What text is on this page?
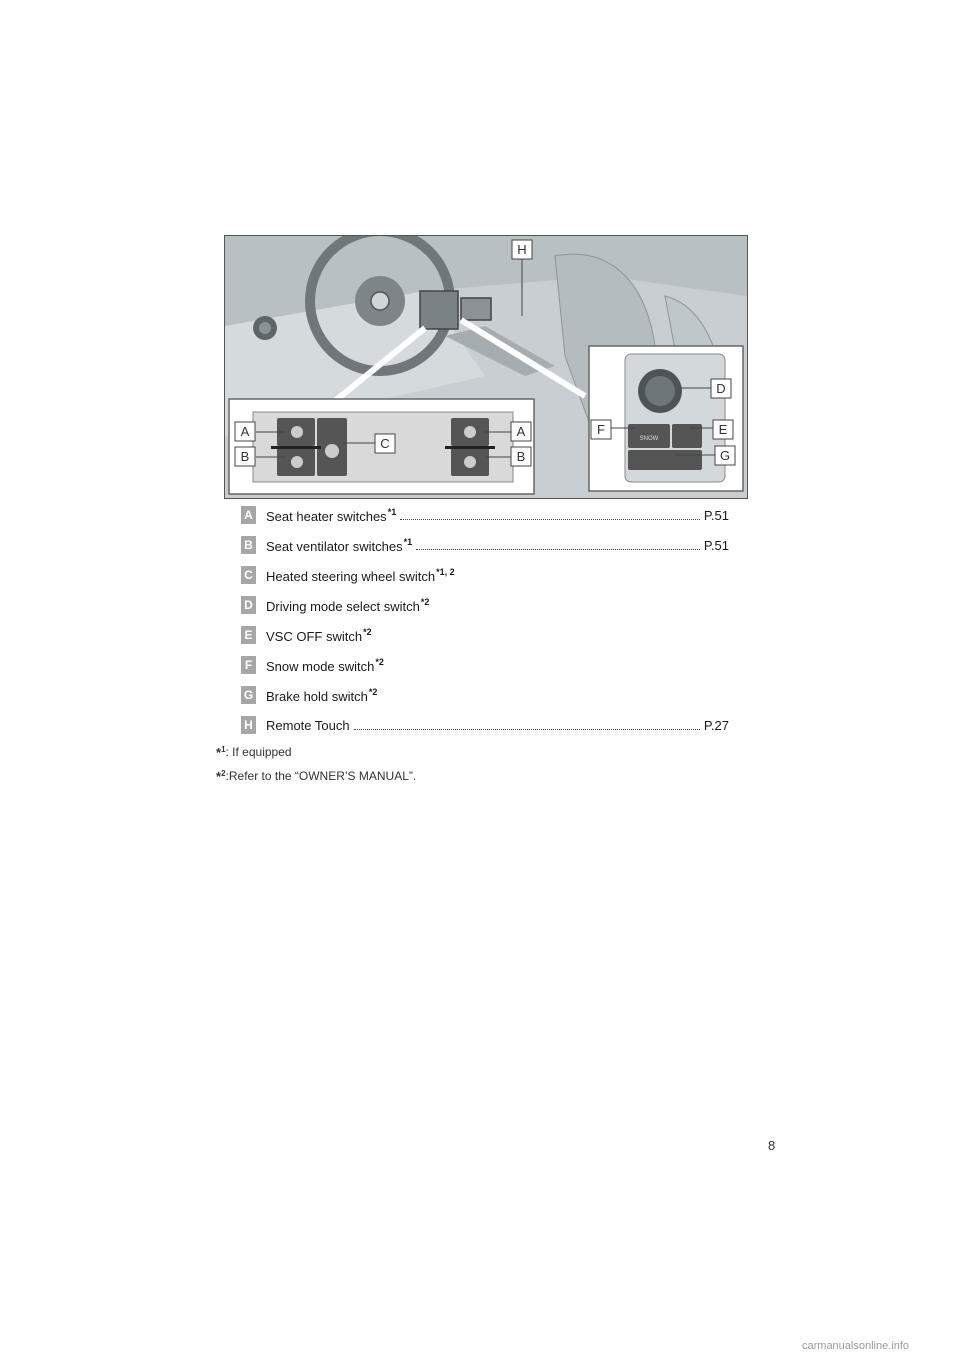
SNOW
A
B
C
A
B
D
E
F
G
H
A Seat heater switches$^{*1}$	P.51
B Seat ventilator switches$^{*1}$	P.51
C Heated steering wheel switch$^{*1, 2}$
D Driving mode select switch$^{*2}$
E VSC OFF switch$^{*2}$
F Snow mode switch$^{*2}$
G Brake hold switch$^{*2}$
H Remote Touch	P.27
*$^1$ : If equipped
*$^2$ :Refer to the “OWNER’S MANUAL”.
8
carmanualsonline.info
